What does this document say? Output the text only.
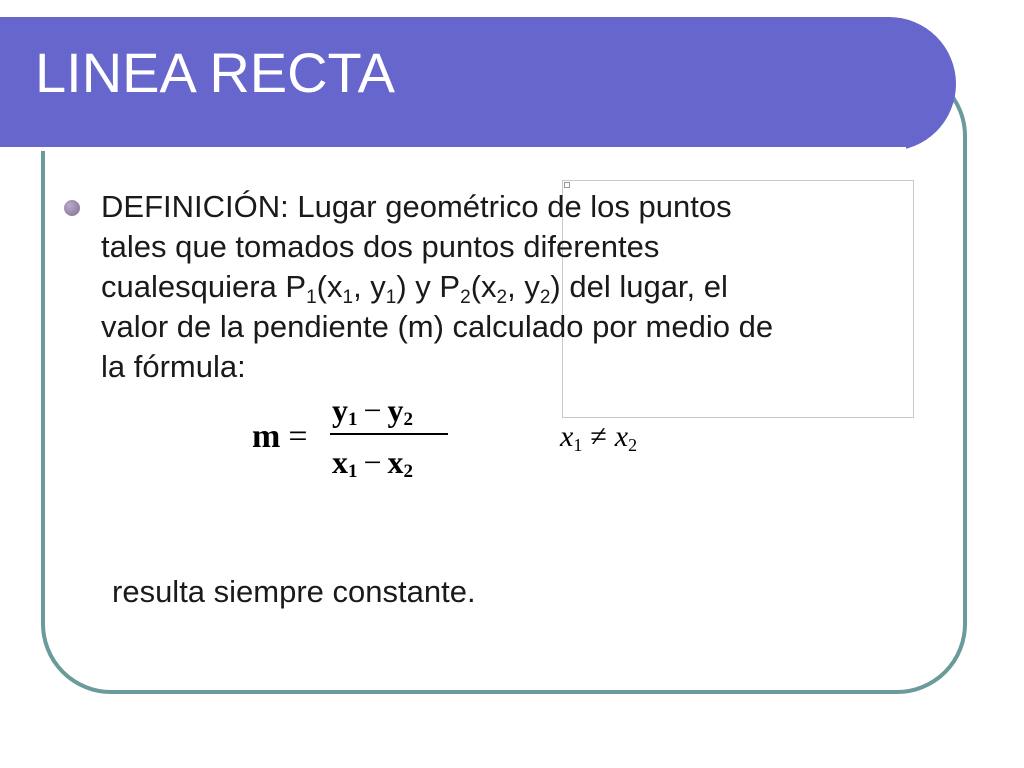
LINEA RECTA

DEFINICIÓN: Lugar geométrico de los puntos
tales que tomados dos puntos diferentes
cualesquiera $P_1(x_1$, $y_1$) y $P_2(x_2$, $y_2$) del lugar, el
valor de la pendiente (m) calculado por medio de
la fórmula:

m =
$y_1 - y_2$
$x_1 - x_2$
$x_1 \ne x_2$

resulta siempre constante.
